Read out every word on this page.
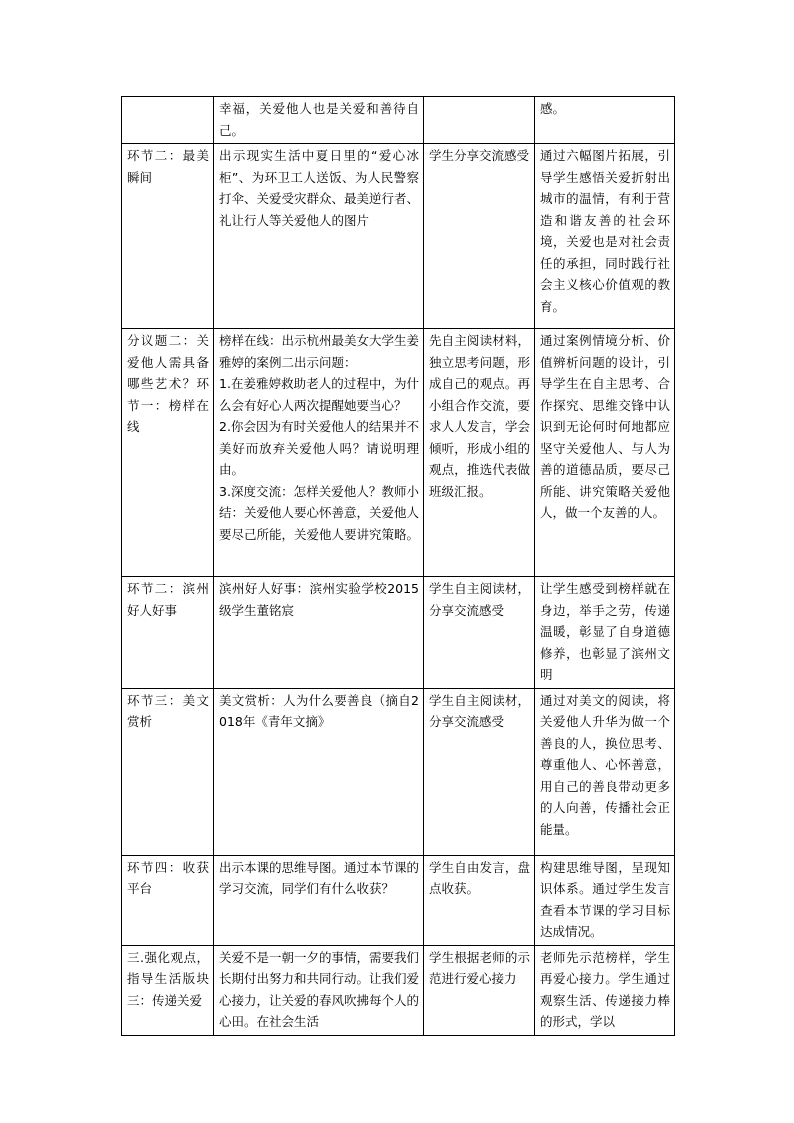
	幸福，关爱他人也是关爱和善待自己。		感。
环节二：最美瞬间	出示现实生活中夏日里的“爱心冰柜”、为环卫工人送饭、为人民警察打伞、关爱受灾群众、最美逆行者、礼让行人等关爱他人的图片	学生分享交流感受	通过六幅图片拓展，引导学生感悟关爱折射出城市的温情，有利于营造和谐友善的社会环境，关爱也是对社会责任的承担，同时践行社会主义核心价值观的教育。
分议题二：关爱他人需具备哪些艺术？环节一：榜样在线	榜样在线：出示杭州最美女大学生姜雅婷的案例二出示问题：
1.在姜雅婷救助老人的过程中，为什么会有好心人两次提醒她要当心？
2.你会因为有时关爱他人的结果并不美好而放弃关爱他人吗？请说明理由。
3.深度交流：怎样关爱他人？教师小结：关爱他人要心怀善意，关爱他人要尽己所能，关爱他人要讲究策略。	先自主阅读材料，独立思考问题，形成自己的观点。再小组合作交流，要求人人发言，学会倾听，形成小组的观点，推选代表做班级汇报。	通过案例情境分析、价值辨析问题的设计，引导学生在自主思考、合作探究、思维交锋中认识到无论何时何地都应坚守关爱他人、与人为善的道德品质，要尽己所能、讲究策略关爱他人，做一个友善的人。
环节二：滨州好人好事	滨州好人好事：滨州实验学校2015级学生董铭宸	学生自主阅读材，分享交流感受	让学生感受到榜样就在身边，举手之劳，传递温暖，彰显了自身道德修养，也彰显了滨州文明
环节三：美文赏析	美文赏析：人为什么要善良（摘自2018年《青年文摘》	学生自主阅读材，分享交流感受	通过对美文的阅读，将关爱他人升华为做一个善良的人，换位思考、尊重他人、心怀善意，用自己的善良带动更多的人向善，传播社会正能量。
环节四：收获平台	出示本课的思维导图。通过本节课的学习交流，同学们有什么收获？	学生自由发言，盘点收获。	构建思维导图，呈现知识体系。通过学生发言查看本节课的学习目标达成情况。
三.强化观点，指导生活版块三：传递关爱	关爱不是一朝一夕的事情，需要我们长期付出努力和共同行动。让我们爱心接力，让关爱的春风吹拂每个人的心田。在社会生活	学生根据老师的示范进行爱心接力	老师先示范榜样，学生再爱心接力。学生通过观察生活、传递接力棒的形式，学以
